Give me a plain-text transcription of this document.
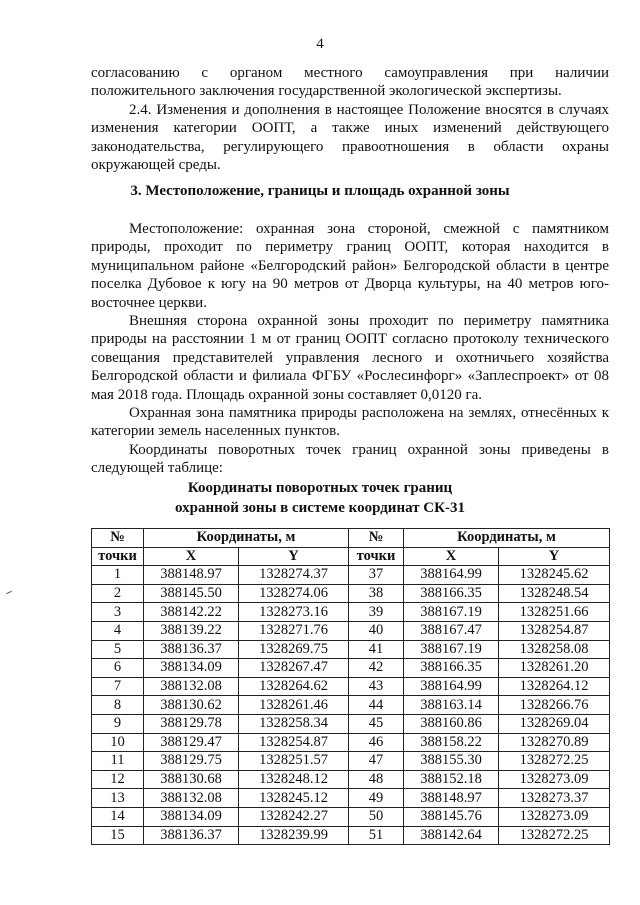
4

согласованию с органом местного самоуправления при наличии положительного заключения государственной экологической экспертизы.

2.4. Изменения и дополнения в настоящее Положение вносятся в случаях изменения категории ООПТ, а также иных изменений действующего законодательства, регулирующего правоотношения в области охраны окружающей среды.

3. Местоположение, границы и площадь охранной зоны

Местоположение: охранная зона стороной, смежной с памятником природы, проходит по периметру границ ООПТ, которая находится в муниципальном районе «Белгородский район» Белгородской области в центре поселка Дубовое к югу на 90 метров от Дворца культуры, на 40 метров юго-восточнее церкви.

Внешняя сторона охранной зоны проходит по периметру памятника природы на расстоянии 1 м от границ ООПТ согласно протоколу технического совещания представителей управления лесного и охотничьего хозяйства Белгородской области и филиала ФГБУ «Рослесинфорг» «Заплеспроект» от 08 мая 2018 года. Площадь охранной зоны составляет 0,0120 га.

Охранная зона памятника природы расположена на землях, отнесённых к категории земель населенных пунктов.

Координаты поворотных точек границ охранной зоны приведены в следующей таблице:

Координаты поворотных точек границ
охранной зоны в системе координат СК-31
№	Координаты, м		№	Координаты, м	
точки	X	Y	точки	X	Y
1	388148.97	1328274.37	37	388164.99	1328245.62
2	388145.50	1328274.06	38	388166.35	1328248.54
3	388142.22	1328273.16	39	388167.19	1328251.66
4	388139.22	1328271.76	40	388167.47	1328254.87
5	388136.37	1328269.75	41	388167.19	1328258.08
6	388134.09	1328267.47	42	388166.35	1328261.20
7	388132.08	1328264.62	43	388164.99	1328264.12
8	388130.62	1328261.46	44	388163.14	1328266.76
9	388129.78	1328258.34	45	388160.86	1328269.04
10	388129.47	1328254.87	46	388158.22	1328270.89
11	388129.75	1328251.57	47	388155.30	1328272.25
12	388130.68	1328248.12	48	388152.18	1328273.09
13	388132.08	1328245.12	49	388148.97	1328273.37
14	388134.09	1328242.27	50	388145.76	1328273.09
15	388136.37	1328239.99	51	388142.64	1328272.25
